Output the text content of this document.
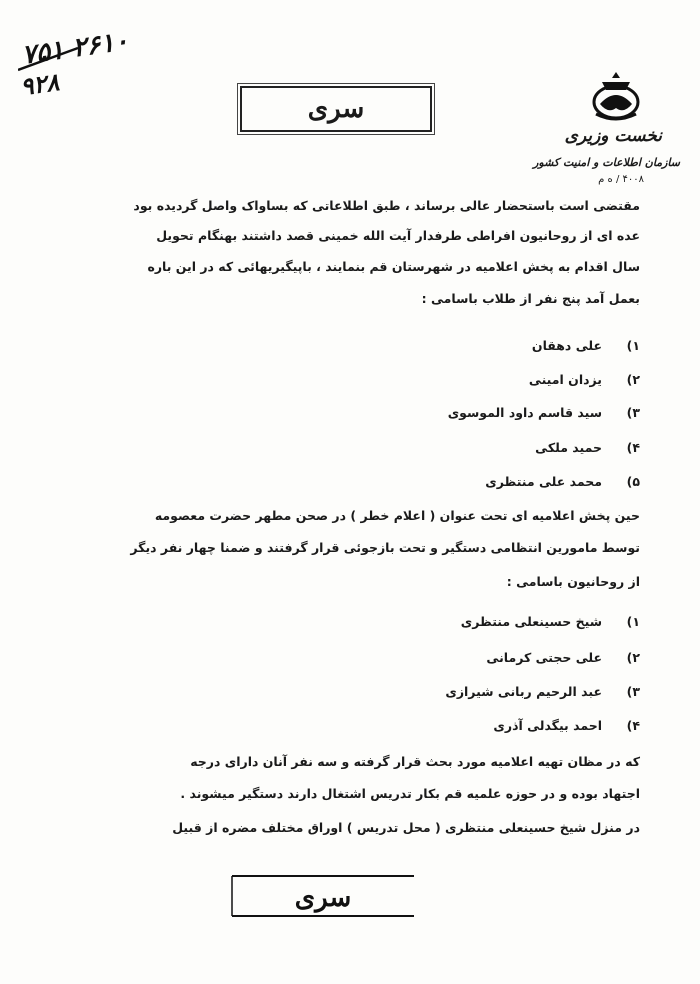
۷۵۱ ۲۶۱۰
۹۲۸
سری
نخست وزیری
سازمان اطلاعات و امنیت کشور
۴۰۰۸ / ه م
مقتضی است باستحضار عالی برساند ، طبق اطلاعاتی که بساواک واصل گردیده بود
عده ای از روحانیون افراطی طرفدار آیت الله خمینی قصد داشتند بهنگام تحویل
سال اقدام به پخش اعلامیه در شهرستان قم بنمایند ، باپیگیریهائی که در این باره
بعمل آمد پنج نفر از طلاب باسامی :
۱)علی دهقان
۲)یزدان امینی
۳)سید قاسم داود الموسوی
۴)حمید ملکی
۵)محمد علی منتظری
حین پخش اعلامیه ای تحت عنوان ( اعلام خطر ) در صحن مطهر حضرت معصومه
توسط مامورین انتظامی دستگیر و تحت بازجوئی قرار گرفتند و ضمنا چهار نفر دیگر
از روحانیون باسامی :
۱)شیخ حسینعلی منتظری
۲)علی حجتی کرمانی
۳)عبد الرحیم ربانی شیرازی
۴)احمد بیگدلی آذری
که در مظان تهیه اعلامیه مورد بحث قرار گرفته و سه نفر آنان دارای درجه
اجتهاد بوده و در حوزه علمیه قم بکار تدریس اشتغال دارند دستگیر میشوند .
در منزل شیخ حسینعلی منتظری ( محل تدریس ) اوراق مختلف مضره از قبیل
سری
